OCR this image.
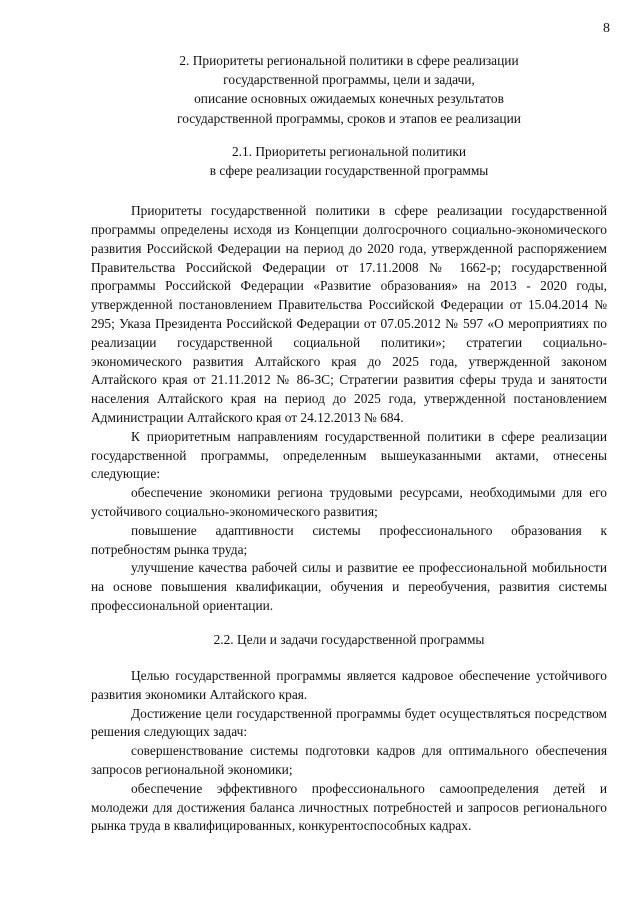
8
2. Приоритеты региональной политики в сфере реализации
государственной программы, цели и задачи,
описание основных ожидаемых конечных результатов
государственной программы, сроков и этапов ее реализации
2.1. Приоритеты региональной политики
в сфере реализации государственной программы

Приоритеты государственной политики в сфере реализации государственной программы определены исходя из Концепции долгосрочного социально-экономического развития Российской Федерации на период до 2020 года, утвержденной распоряжением Правительства Российской Федерации от 17.11.2008 № 1662-р; государственной программы Российской Федерации «Развитие образования» на 2013 - 2020 годы, утвержденной постановлением Правительства Российской Федерации от 15.04.2014 № 295; Указа Президента Российской Федерации от 07.05.2012 № 597 «О мероприятиях по реализации государственной социальной политики»; стратегии социально-экономического развития Алтайского края до 2025 года, утвержденной законом Алтайского края от 21.11.2012 № 86-ЗС; Стратегии развития сферы труда и занятости населения Алтайского края на период до 2025 года, утвержденной постановлением Администрации Алтайского края от 24.12.2013 № 684.

К приоритетным направлениям государственной политики в сфере реализации государственной программы, определенным вышеуказанными актами, отнесены следующие:

обеспечение экономики региона трудовыми ресурсами, необходимыми для его устойчивого социально-экономического развития;

повышение адаптивности системы профессионального образования к потребностям рынка труда;

улучшение качества рабочей силы и развитие ее профессиональной мобильности на основе повышения квалификации, обучения и переобучения, развития системы профессиональной ориентации.

2.2. Цели и задачи государственной программы

Целью государственной программы является кадровое обеспечение устойчивого развития экономики Алтайского края.

Достижение цели государственной программы будет осуществляться посредством решения следующих задач:

совершенствование системы подготовки кадров для оптимального обеспечения запросов региональной экономики;

обеспечение эффективного профессионального самоопределения детей и молодежи для достижения баланса личностных потребностей и запросов регионального рынка труда в квалифицированных, конкурентоспособных кадрах.
